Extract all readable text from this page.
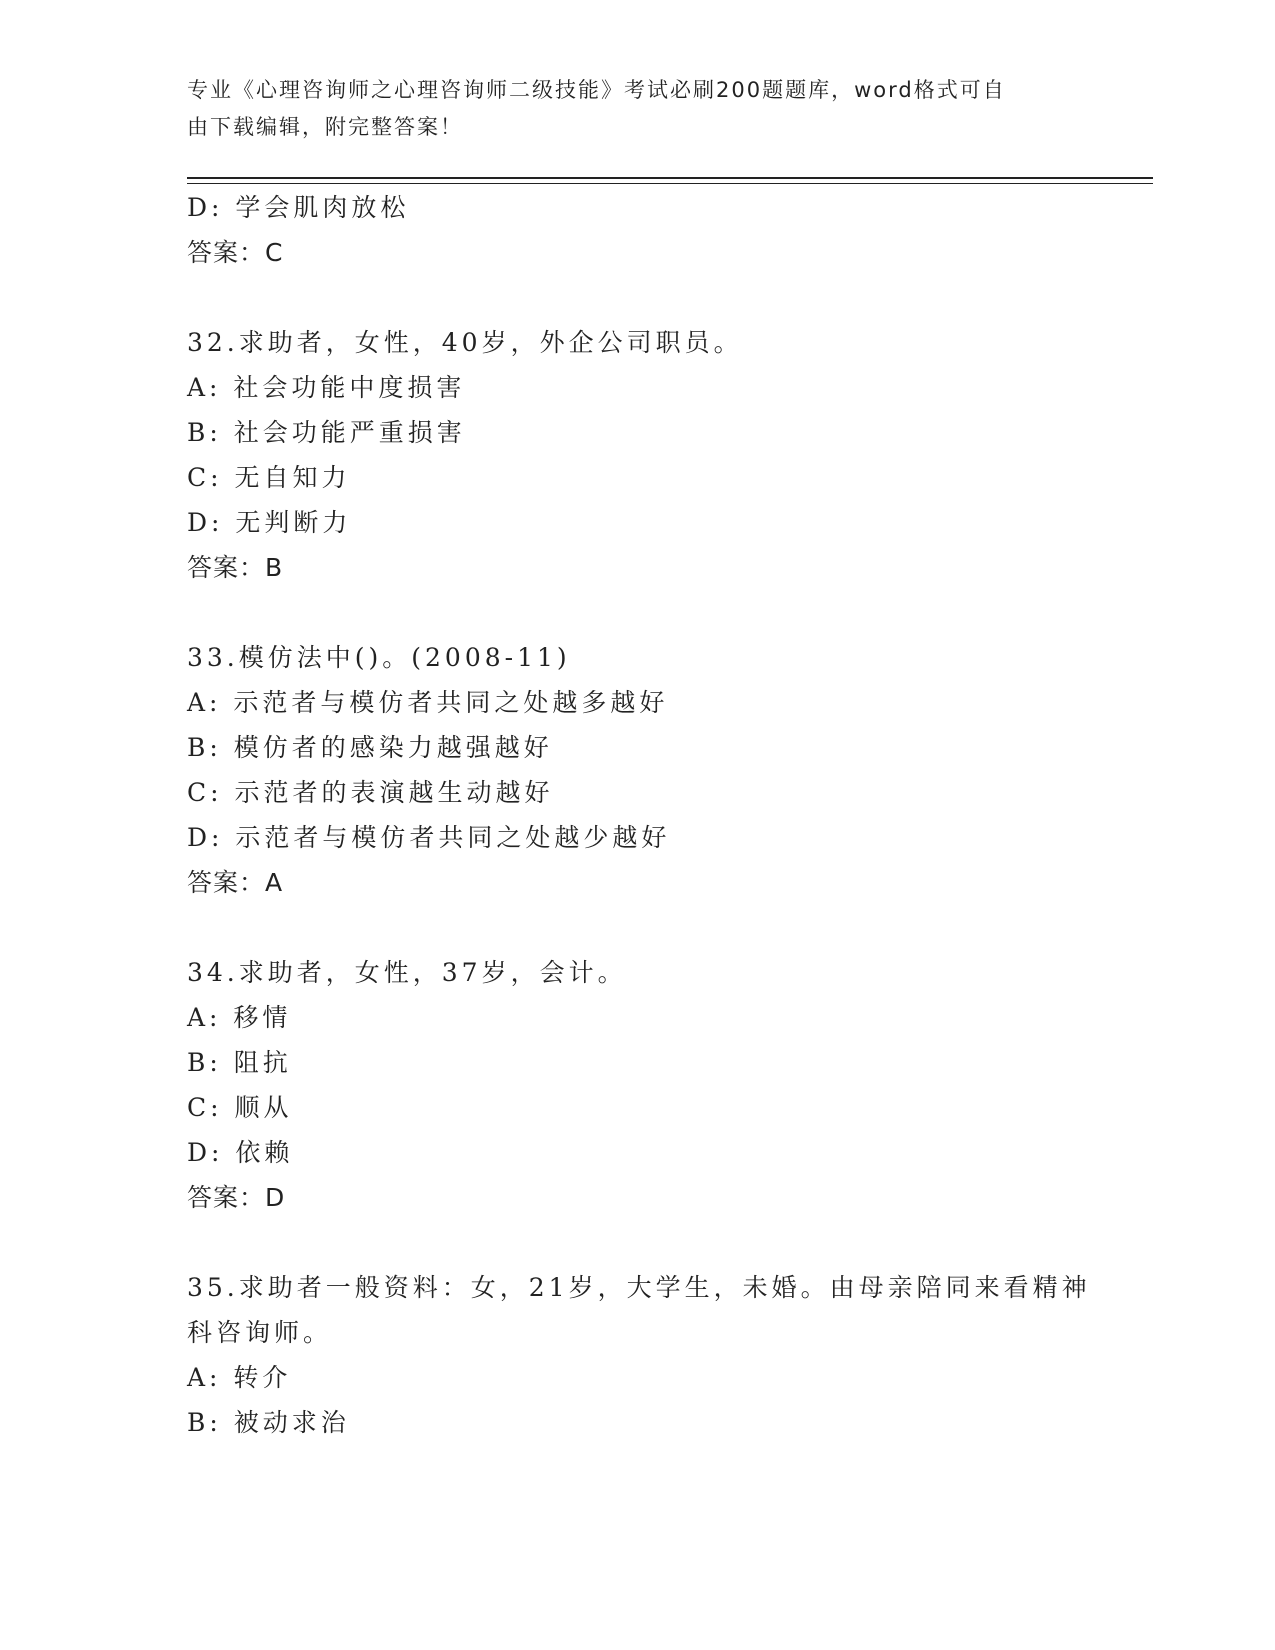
专业《心理咨询师之心理咨询师二级技能》考试必刷200题题库，word格式可自
由下载编辑，附完整答案！
D: 学会肌肉放松
答案：C
32.求助者，女性，40岁，外企公司职员。
A: 社会功能中度损害
B: 社会功能严重损害
C: 无自知力
D: 无判断力
答案：B
33.模仿法中()。(2008-11)
A: 示范者与模仿者共同之处越多越好
B: 模仿者的感染力越强越好
C: 示范者的表演越生动越好
D: 示范者与模仿者共同之处越少越好
答案：A
34.求助者，女性，37岁，会计。
A: 移情
B: 阻抗
C: 顺从
D: 依赖
答案：D
35.求助者一般资料：女，21岁，大学生，未婚。由母亲陪同来看精神
科咨询师。
A: 转介
B: 被动求治
